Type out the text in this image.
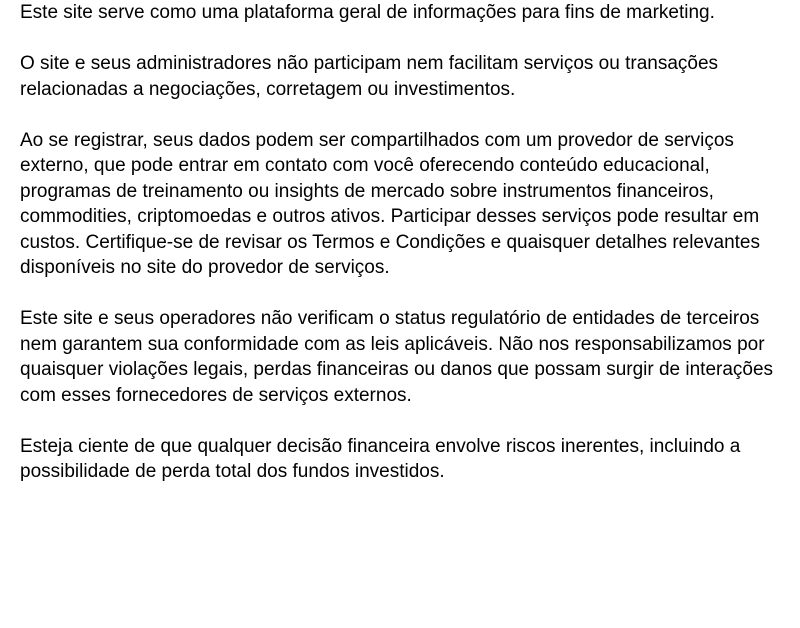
Este site serve como uma plataforma geral de informações para fins de marketing.

O site e seus administradores não participam nem facilitam serviços ou transações relacionadas a negociações, corretagem ou investimentos.

Ao se registrar, seus dados podem ser compartilhados com um provedor de serviços externo, que pode entrar em contato com você oferecendo conteúdo educacional, programas de treinamento ou insights de mercado sobre instrumentos financeiros, commodities, criptomoedas e outros ativos. Participar desses serviços pode resultar em custos. Certifique-se de revisar os Termos e Condições e quaisquer detalhes relevantes disponíveis no site do provedor de serviços.

Este site e seus operadores não verificam o status regulatório de entidades de terceiros nem garantem sua conformidade com as leis aplicáveis. Não nos responsabilizamos por quaisquer violações legais, perdas financeiras ou danos que possam surgir de interações com esses fornecedores de serviços externos.

Esteja ciente de que qualquer decisão financeira envolve riscos inerentes, incluindo a possibilidade de perda total dos fundos investidos.
